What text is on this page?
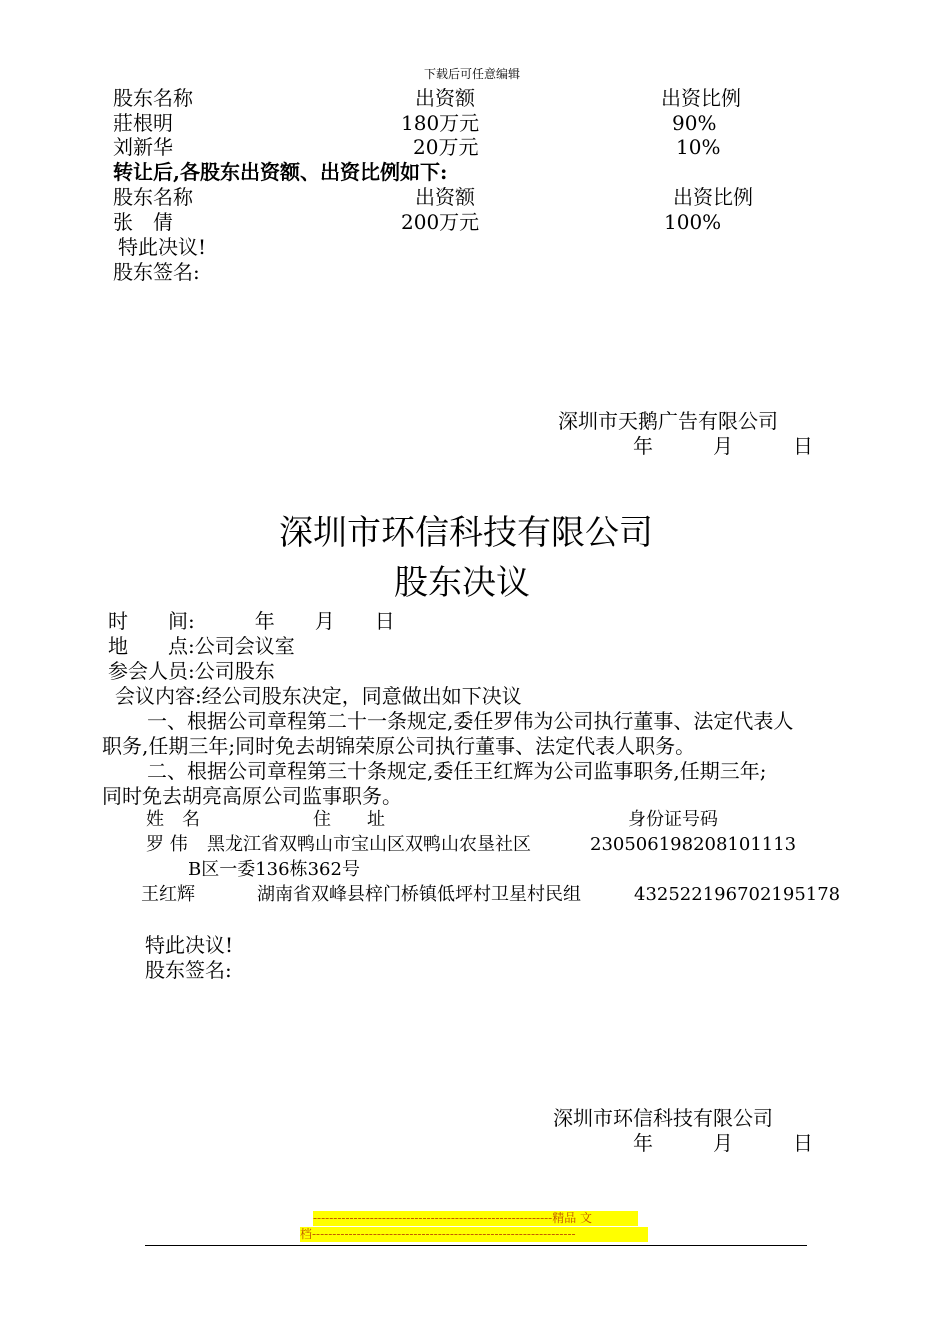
下载后可任意编辑
股东名称	出资额	出资比例
莊根明	180万元	90%
刘新华	20万元	10%
转让后,各股东出资额、出资比例如下:
股东名称	出资额	出资比例
张　倩	200万元	100%
特此决议!
股东签名:
深圳市天鹅广告有限公司
年　　　月　　　日
深圳市环信科技有限公司
股东决议
时　　间:　　　年　　月　　日
地　　点:公司会议室
参会人员:公司股东
会议内容:经公司股东决定，同意做出如下决议
一、根据公司章程第二十一条规定,委任罗伟为公司执行董事、法定代表人
职务,任期三年;同时免去胡锦荣原公司执行董事、法定代表人职务。
二、根据公司章程第三十条规定,委任王红辉为公司监事职务,任期三年;
同时免去胡亮高原公司监事职务。
姓　名	住　　址	身份证号码
罗 伟 黑龙江省双鸭山市宝山区双鸭山农垦社区	230506198208101113
B区一委136栋362号
王红辉	湖南省双峰县梓门桥镇低坪村卫星村民组	432522196702195178
特此决议!
股东签名:
深圳市环信科技有限公司
年　　　月　　　日
-----------------------------------------------------------精品 文
档-----------------------------------------------------------------
